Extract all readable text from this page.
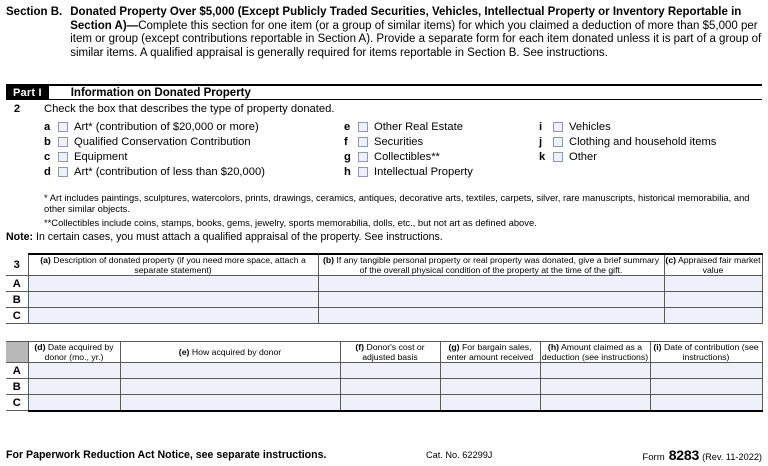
Section B. Donated Property Over $5,000 (Except Publicly Traded Securities, Vehicles, Intellectual Property or Inventory Reportable in Section A)—Complete this section for one item (or a group of similar items) for which you claimed a deduction of more than $5,000 per item or group (except contributions reportable in Section A). Provide a separate form for each item donated unless it is part of a group of similar items. A qualified appraisal is generally required for items reportable in Section B. See instructions.
Part I	Information on Donated Property
2	Check the box that describes the type of property donated.
a	Art* (contribution of $20,000 or more)
b	Qualified Conservation Contribution
c	Equipment
d	Art* (contribution of less than $20,000)
e	Other Real Estate
f	Securities
g	Collectibles**
h	Intellectual Property
i	Vehicles
j	Clothing and household items
k	Other
* Art includes paintings, sculptures, watercolors, prints, drawings, ceramics, antiques, decorative arts, textiles, carpets, silver, rare manuscripts, historical memorabilia, and other similar objects.
**Collectibles include coins, stamps, books, gems, jewelry, sports memorabilia, dolls, etc., but not art as defined above.
Note: In certain cases, you must attach a qualified appraisal of the property. See instructions.
3	(a) Description of donated property (if you need more space, attach a separate statement)	(b) If any tangible personal property or real property was donated, give a brief summary of the overall physical condition of the property at the time of the gift.	(c) Appraised fair market value
A			
B			
C			
	(d) Date acquired by donor (mo., yr.)	(e) How acquired by donor	(f) Donor's cost or adjusted basis	(g) For bargain sales, enter amount received	(h) Amount claimed as a deduction (see instructions)	(i) Date of contribution (see instructions)
A						
B						
C						
For Paperwork Reduction Act Notice, see separate instructions.	Cat. No. 62299J	Form 8283 (Rev. 11-2022)
